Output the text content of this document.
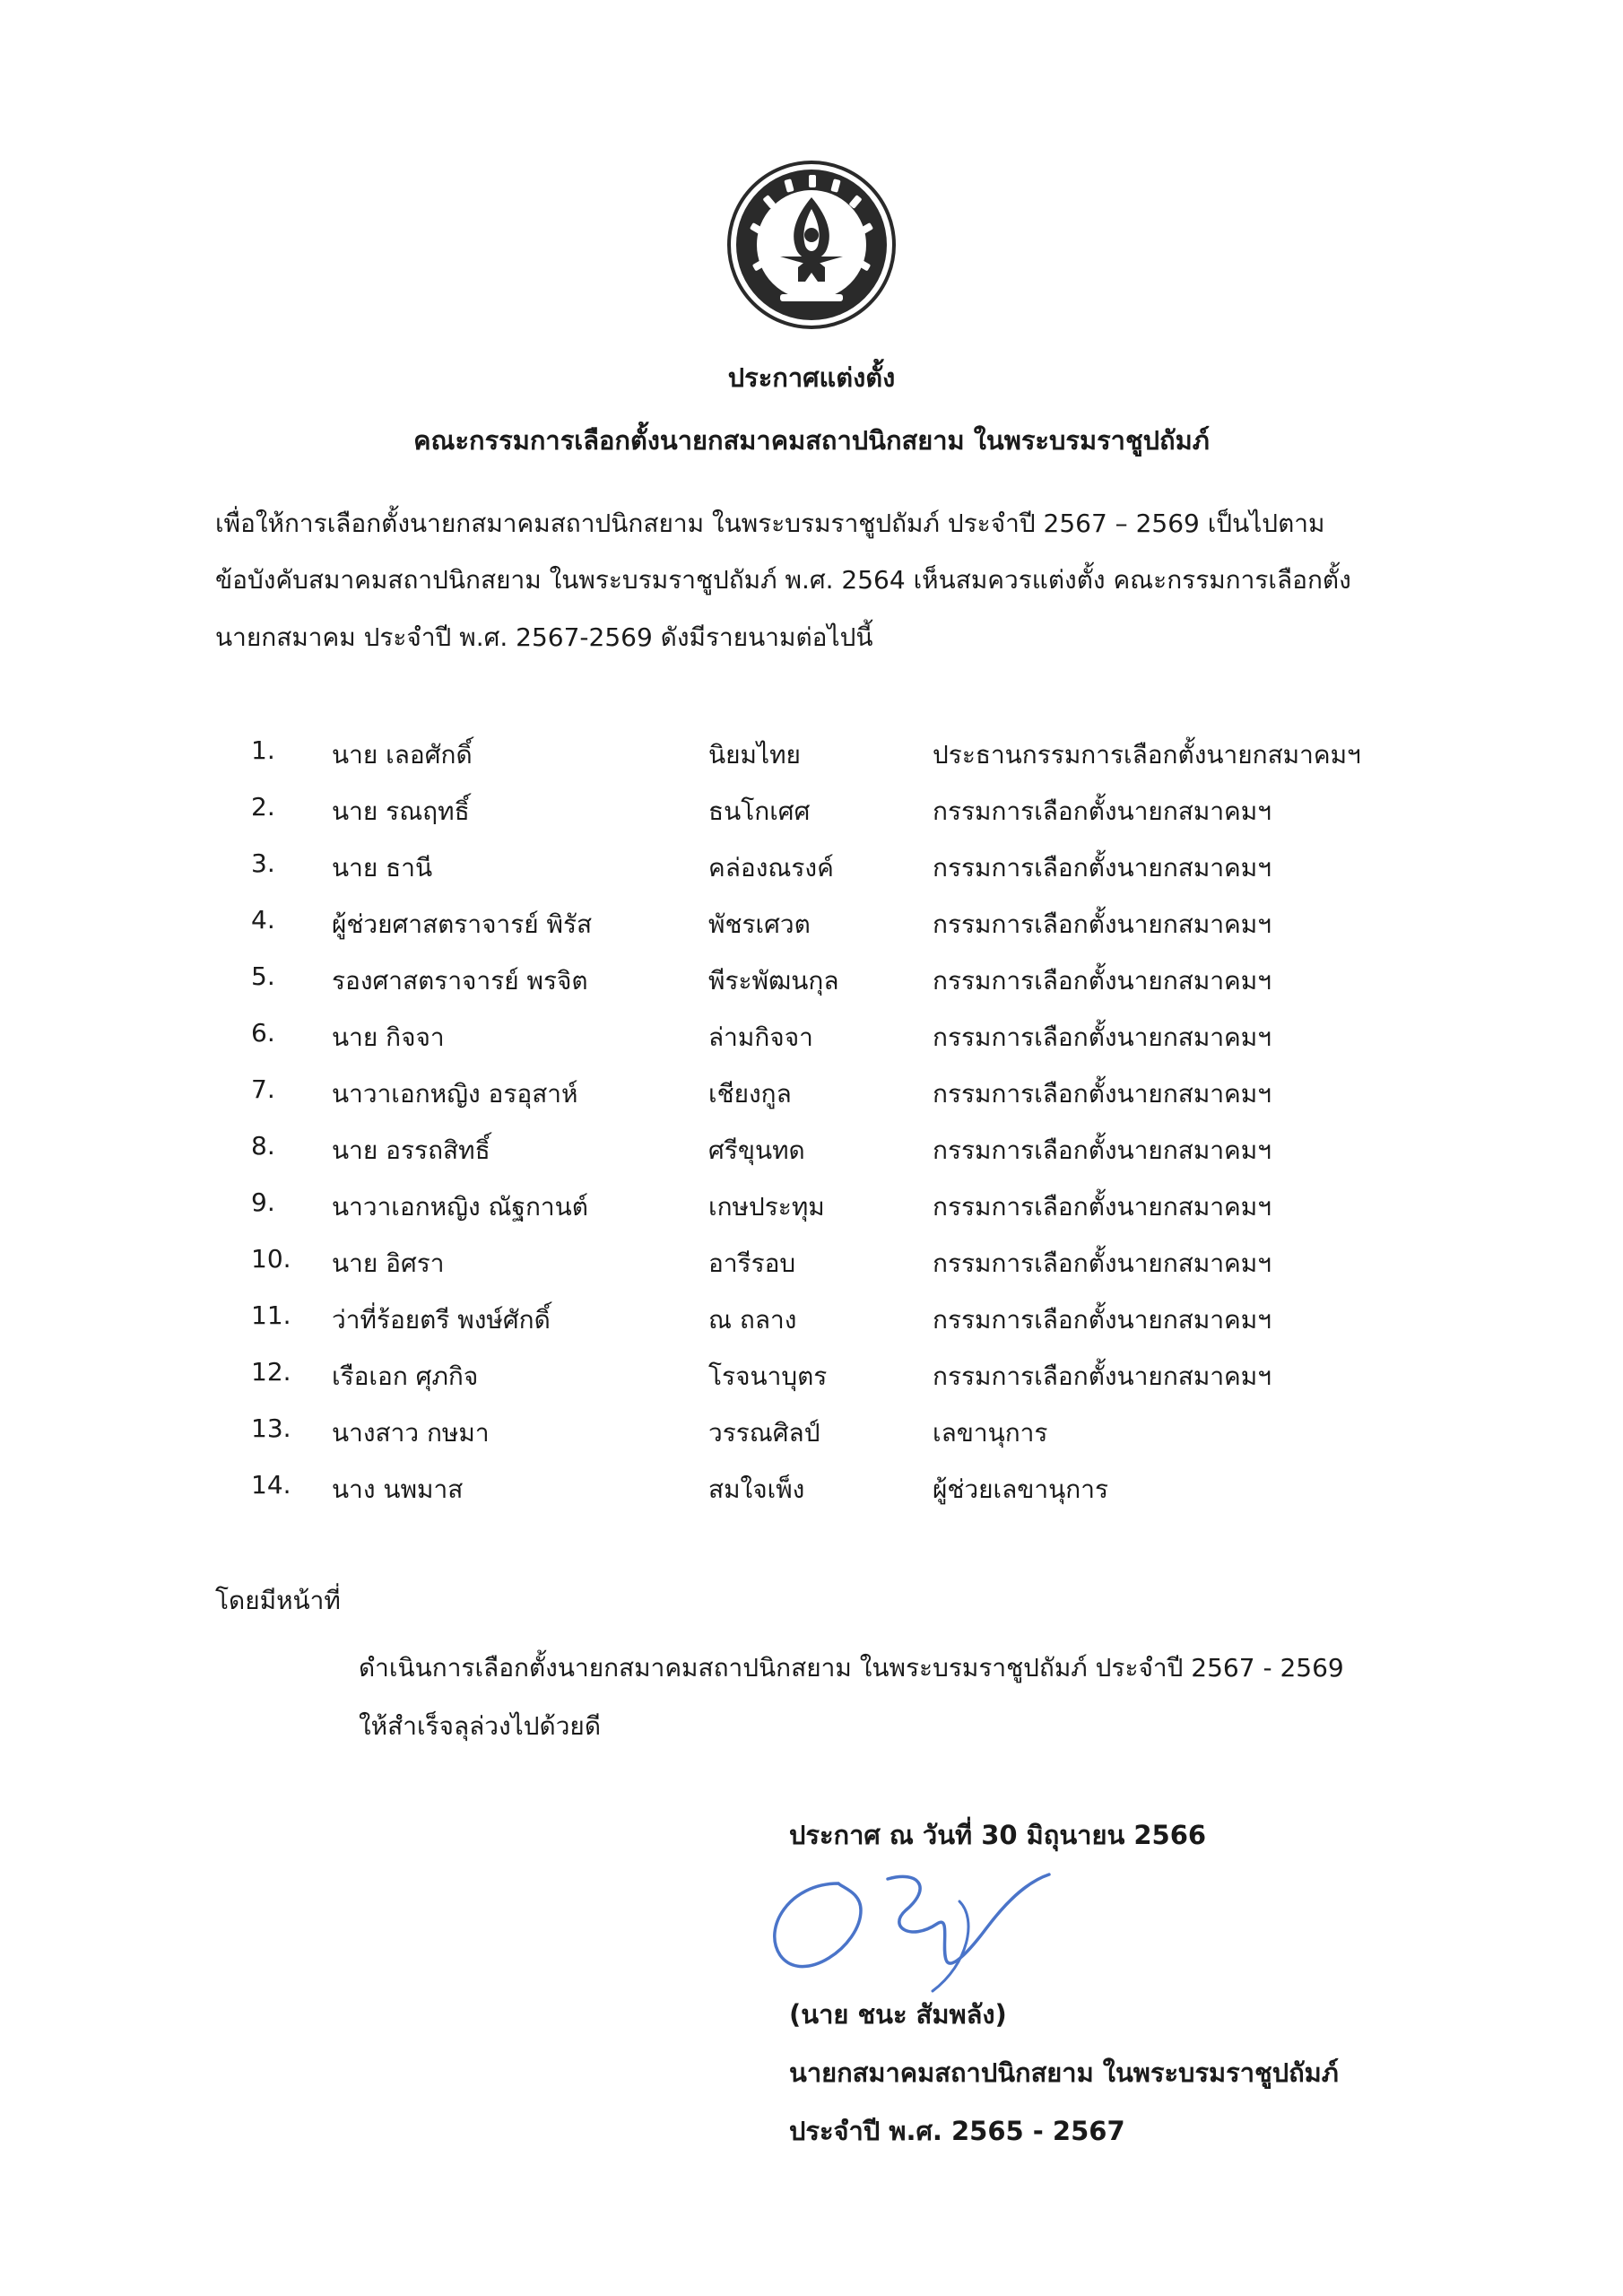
ประกาศแต่งตั้ง
คณะกรรมการเลือกตั้งนายกสมาคมสถาปนิกสยาม ในพระบรมราชูปถัมภ์
เพื่อให้การเลือกตั้งนายกสมาคมสถาปนิกสยาม ในพระบรมราชูปถัมภ์ ประจำปี 2567 – 2569 เป็นไปตาม
ข้อบังคับสมาคมสถาปนิกสยาม ในพระบรมราชูปถัมภ์ พ.ศ. 2564 เห็นสมควรแต่งตั้ง คณะกรรมการเลือกตั้ง
นายกสมาคม ประจำปี พ.ศ. 2567-2569 ดังมีรายนามต่อไปนี้
1. นาย เลอศักดิ์	นิยมไทย	ประธานกรรมการเลือกตั้งนายกสมาคมฯ
2. นาย รณฤทธิ์	ธนโกเศศ	กรรมการเลือกตั้งนายกสมาคมฯ
3. นาย ธานี	คล่องณรงค์	กรรมการเลือกตั้งนายกสมาคมฯ
4. ผู้ช่วยศาสตราจารย์ พิรัส	พัชรเศวต	กรรมการเลือกตั้งนายกสมาคมฯ
5. รองศาสตราจารย์ พรจิต	พีระพัฒนกุล	กรรมการเลือกตั้งนายกสมาคมฯ
6. นาย กิจจา	ล่ามกิจจา	กรรมการเลือกตั้งนายกสมาคมฯ
7. นาวาเอกหญิง อรอุสาห์	เชียงกูล	กรรมการเลือกตั้งนายกสมาคมฯ
8. นาย อรรถสิทธิ์	ศรีขุนทด	กรรมการเลือกตั้งนายกสมาคมฯ
9. นาวาเอกหญิง ณัฐกานต์	เกษประทุม	กรรมการเลือกตั้งนายกสมาคมฯ
10. นาย อิศรา	อารีรอบ	กรรมการเลือกตั้งนายกสมาคมฯ
11. ว่าที่ร้อยตรี พงษ์ศักดิ์	ณ ถลาง	กรรมการเลือกตั้งนายกสมาคมฯ
12. เรือเอก ศุภกิจ	โรจนาบุตร	กรรมการเลือกตั้งนายกสมาคมฯ
13. นางสาว กษมา	วรรณศิลป์	เลขานุการ
14. นาง นพมาส	สมใจเพ็ง	ผู้ช่วยเลขานุการ
โดยมีหน้าที่
ดำเนินการเลือกตั้งนายกสมาคมสถาปนิกสยาม ในพระบรมราชูปถัมภ์ ประจำปี 2567 - 2569
ให้สำเร็จลุล่วงไปด้วยดี
ประกาศ ณ วันที่ 30 มิถุนายน 2566
(นาย ชนะ สัมพลัง)
นายกสมาคมสถาปนิกสยาม ในพระบรมราชูปถัมภ์
ประจำปี พ.ศ. 2565 - 2567
